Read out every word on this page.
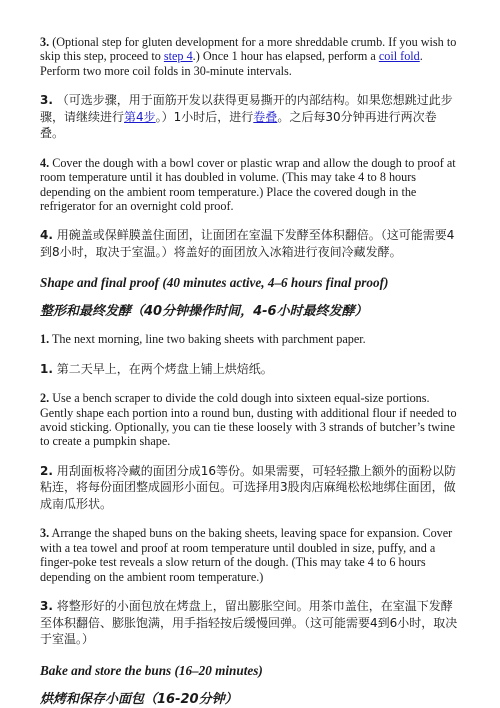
3. (Optional step for gluten development for a more shreddable crumb. If you wish to skip this step, proceed to step 4.) Once 1 hour has elapsed, perform a coil fold. Perform two more coil folds in 30-minute intervals.

3. （可选步骤，用于面筋开发以获得更易撕开的内部结构。如果您想跳过此步骤，请继续进行第4步。）1小时后，进行卷叠。之后每30分钟再进行两次卷叠。

4. Cover the dough with a bowl cover or plastic wrap and allow the dough to proof at room temperature until it has doubled in volume. (This may take 4 to 8 hours depending on the ambient room temperature.) Place the covered dough in the refrigerator for an overnight cold proof.

4. 用碗盖或保鲜膜盖住面团，让面团在室温下发酵至体积翻倍。（这可能需要4到8小时，取决于室温。）将盖好的面团放入冰箱进行夜间冷藏发酵。

Shape and final proof (40 minutes active, 4–6 hours final proof)
整形和最终发酵（40分钟操作时间，4-6小时最终发酵）

1. The next morning, line two baking sheets with parchment paper.

1. 第二天早上，在两个烤盘上铺上烘焙纸。

2. Use a bench scraper to divide the cold dough into sixteen equal-size portions. Gently shape each portion into a round bun, dusting with additional flour if needed to avoid sticking. Optionally, you can tie these loosely with 3 strands of butcher’s twine to create a pumpkin shape.

2. 用刮面板将冷藏的面团分成16等份。如果需要，可轻轻撒上额外的面粉以防粘连，将每份面团整成圆形小面包。可选择用3股肉店麻绳松松地绑住面团，做成南瓜形状。

3. Arrange the shaped buns on the baking sheets, leaving space for expansion. Cover with a tea towel and proof at room temperature until doubled in size, puffy, and a finger-poke test reveals a slow return of the dough. (This may take 4 to 6 hours depending on the ambient room temperature.)

3. 将整形好的小面包放在烤盘上，留出膨胀空间。用茶巾盖住，在室温下发酵至体积翻倍、膨胀饱满，用手指轻按后缓慢回弹。（这可能需要4到6小时，取决于室温。）

Bake and store the buns (16–20 minutes)
烘烤和保存小面包（16-20分钟）
